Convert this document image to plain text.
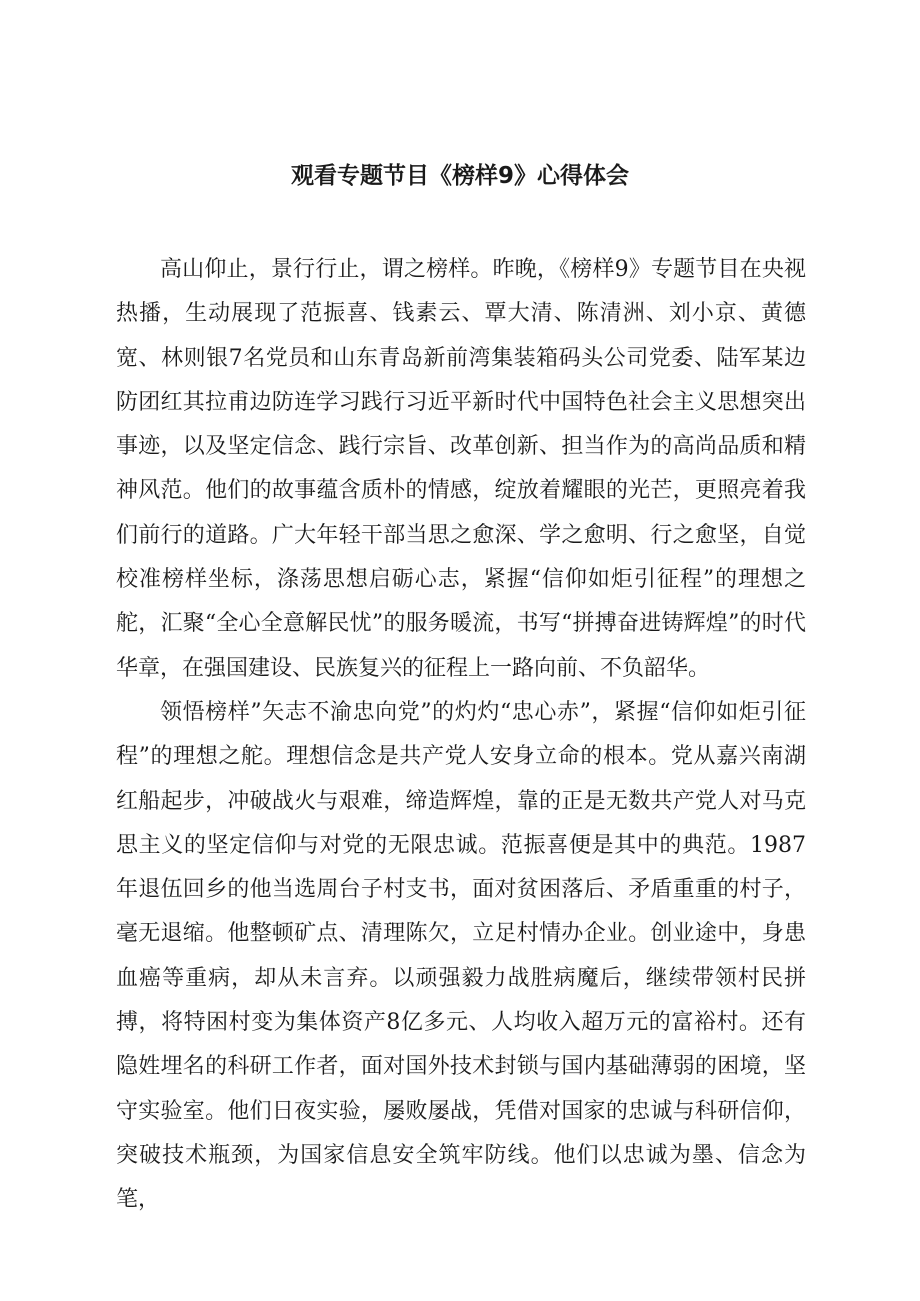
观看专题节目《榜样9》心得体会

高山仰止，景行行止，谓之榜样。昨晚，《榜样9》专题节目在央视热播，生动展现了范振喜、钱素云、覃大清、陈清洲、刘小京、黄德宽、林则银7名党员和山东青岛新前湾集装箱码头公司党委、陆军某边防团红其拉甫边防连学习践行习近平新时代中国特色社会主义思想突出事迹，以及坚定信念、践行宗旨、改革创新、担当作为的高尚品质和精神风范。他们的故事蕴含质朴的情感，绽放着耀眼的光芒，更照亮着我们前行的道路。广大年轻干部当思之愈深、学之愈明、行之愈坚，自觉校准榜样坐标，涤荡思想启砺心志，紧握“信仰如炬引征程”的理想之舵，汇聚“全心全意解民忧”的服务暖流，书写“拼搏奋进铸辉煌”的时代华章，在强国建设、民族复兴的征程上一路向前、不负韶华。

领悟榜样”矢志不渝忠向党”的灼灼“忠心赤”，紧握“信仰如炬引征程”的理想之舵。理想信念是共产党人安身立命的根本。党从嘉兴南湖红船起步，冲破战火与艰难，缔造辉煌，靠的正是无数共产党人对马克思主义的坚定信仰与对党的无限忠诚。范振喜便是其中的典范。1987年退伍回乡的他当选周台子村支书，面对贫困落后、矛盾重重的村子，毫无退缩。他整顿矿点、清理陈欠，立足村情办企业。创业途中，身患血癌等重病，却从未言弃。以顽强毅力战胜病魔后，继续带领村民拼搏，将特困村变为集体资产8亿多元、人均收入超万元的富裕村。还有隐姓埋名的科研工作者，面对国外技术封锁与国内基础薄弱的困境，坚守实验室。他们日夜实验，屡败屡战，凭借对国家的忠诚与科研信仰，突破技术瓶颈，为国家信息安全筑牢防线。他们以忠诚为墨、信念为笔，
